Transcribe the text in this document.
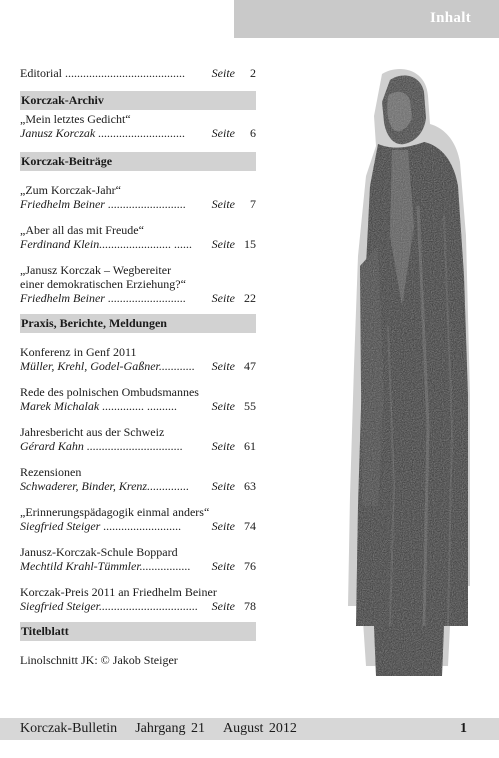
Inhalt
Editorial ........................................	Seite 2
Korczak-Archiv
„Mein letztes Gedicht“
Janusz Korczak .............................	Seite 6
Korczak-Beiträge
„Zum Korczak-Jahr“
Friedhelm Beiner ..........................	Seite 7
„Aber all das mit Freude“
Ferdinand Klein........................ ......	Seite 15
„Janusz Korczak – Wegbereiter
einer demokratischen Erziehung?“
Friedhelm Beiner ..........................	Seite 22
Praxis, Berichte, Meldungen
Konferenz in Genf 2011
Müller, Krehl, Godel-Gaßner............	Seite 47
Rede des polnischen Ombudsmannes
Marek Michalak .............. ..........	Seite 55
Jahresbericht aus der Schweiz
Gérard Kahn ................................	Seite 61
Rezensionen
Schwaderer, Binder, Krenz..............	Seite 63
„Erinnerungspädagogik einmal anders“
Siegfried Steiger ..........................	Seite 74
Janusz-Korczak-Schule Boppard
Mechtild Krahl-Tümmler.................	Seite 76
Korczak-Preis 2011 an Friedhelm Beiner
Siegfried Steiger.................................	Seite 78
Titelblatt
Linolschnitt JK: © Jakob Steiger
Korczak-Bulletin Jahrgang 21 August 2012	1
